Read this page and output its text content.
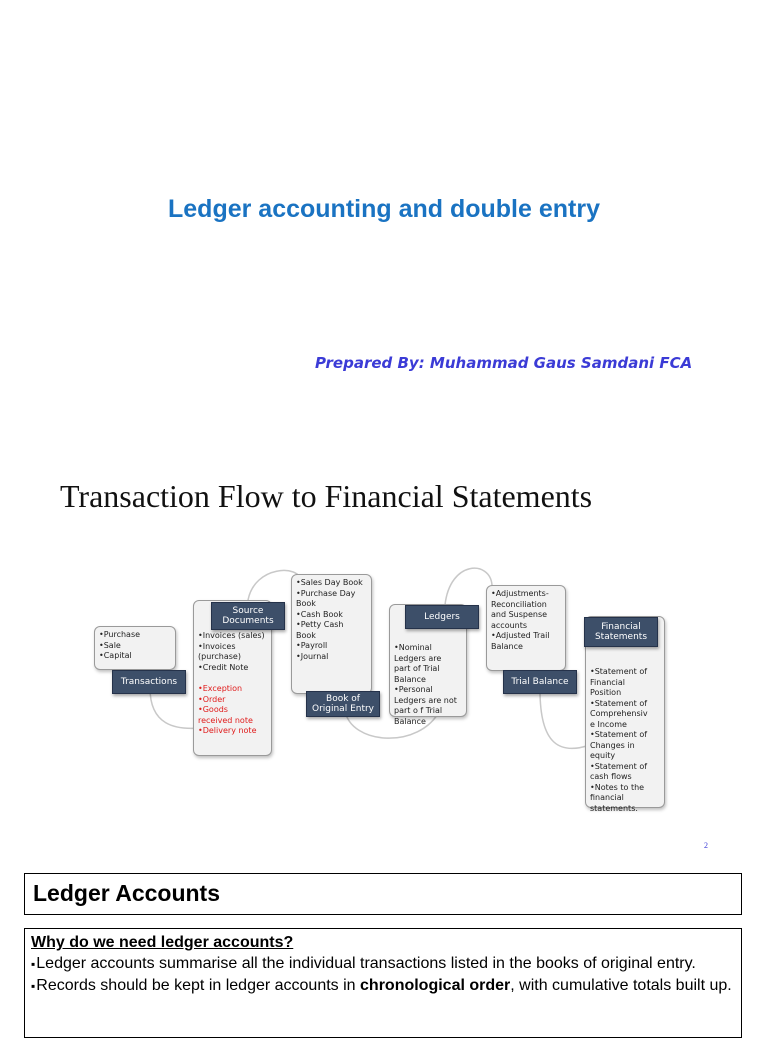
Ledger accounting and double entry
Prepared By: Muhammad Gaus Samdani FCA
Transaction Flow to Financial Statements
•Purchase
•Sale
•Capital
Transactions
•Invoices (sales)
•Invoices
(purchase)
•Credit Note
•Exception
•Order
•Goods
received note
•Delivery note
Source
Documents
•Sales Day Book
•Purchase Day
Book
•Cash Book
•Petty Cash
Book
•Payroll
•Journal
Book of
Original Entry
•Nominal
Ledgers are
part of Trial
Balance
•Personal
Ledgers are not
part o f Trial
Balance
Ledgers
•Adjustments-
Reconciliation
and Suspense
accounts
•Adjusted Trail
Balance
Trial Balance
•Statement of
Financial
Position
•Statement of
Comprehensiv
e Income
•Statement of
Changes in
equity
•Statement of
cash flows
•Notes to the
financial
statements.
Financial
Statements
2
Ledger Accounts
Why do we need ledger accounts?
▪ Ledger accounts summarise all the individual transactions listed in the books of original entry.
▪ Records should be kept in ledger accounts in chronological order, with cumulative totals built up.
